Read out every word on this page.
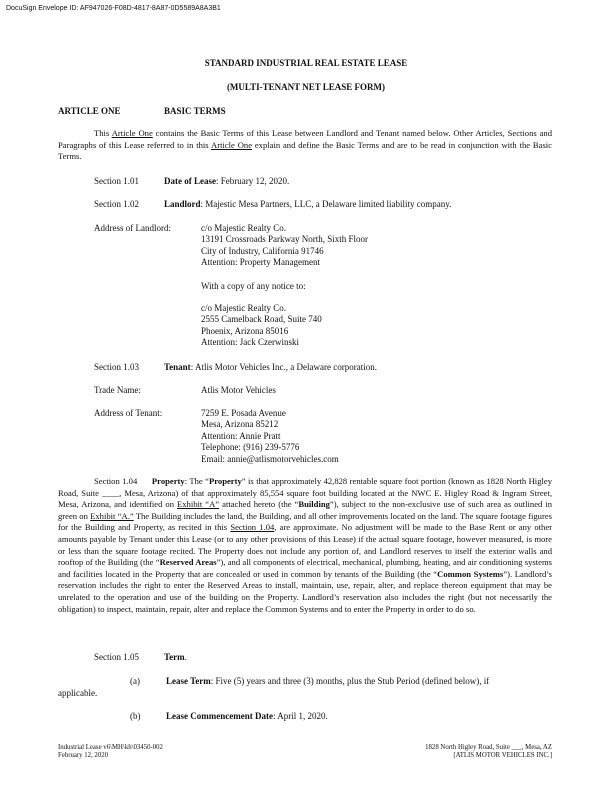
DocuSign Envelope ID: AF947026-F08D-4817-8A87-0D5589A8A3B1
STANDARD INDUSTRIAL REAL ESTATE LEASE
(MULTI-TENANT NET LEASE FORM)
ARTICLE ONE	BASIC TERMS
This Article One contains the Basic Terms of this Lease between Landlord and Tenant named below. Other Articles, Sections and Paragraphs of this Lease referred to in this Article One explain and define the Basic Terms and are to be read in conjunction with the Basic Terms.
Section 1.01	Date of Lease: February 12, 2020.
Section 1.02	Landlord: Majestic Mesa Partners, LLC, a Delaware limited liability company.
Address of Landlord:	c/o Majestic Realty Co.
13191 Crossroads Parkway North, Sixth Floor
City of Industry, California 91746
Attention: Property Management
With a copy of any notice to:
c/o Majestic Realty Co.
2555 Camelback Road, Suite 740
Phoenix, Arizona 85016
Attention: Jack Czerwinski
Section 1.03	Tenant: Atlis Motor Vehicles Inc., a Delaware corporation.
Trade Name:	Atlis Motor Vehicles
Address of Tenant:	7259 E. Posada Avenue
Mesa, Arizona 85212
Attention: Annie Pratt
Telephone: (916) 239-5776
Email: annie@atlismotorvehicles.com
Section 1.04 Property: The “Property” is that approximately 42,828 rentable square foot portion (known as 1828 North Higley Road, Suite ____, Mesa, Arizona) of that approximately 85,554 square foot building located at the NWC E. Higley Road & Ingram Street, Mesa, Arizona, and identified on Exhibit “A” attached hereto (the “Building”), subject to the non-exclusive use of such area as outlined in green on Exhibit “A.” The Building includes the land, the Building, and all other improvements located on the land. The square footage figures for the Building and Property, as recited in this Section 1.04, are approximate. No adjustment will be made to the Base Rent or any other amounts payable by Tenant under this Lease (or to any other provisions of this Lease) if the actual square footage, however measured, is more or less than the square footage recited. The Property does not include any portion of, and Landlord reserves to itself the exterior walls and rooftop of the Building (the “Reserved Areas”), and all components of electrical, mechanical, plumbing, heating, and air conditioning systems and facilities located in the Property that are concealed or used in common by tenants of the Building (the “Common Systems”). Landlord’s reservation includes the right to enter the Reserved Areas to install, maintain, use, repair, alter, and replace thereon equipment that may be unrelated to the operation and use of the building on the Property. Landlord’s reservation also includes the right (but not necessarily the obligation) to inspect, maintain, repair, alter and replace the Common Systems and to enter the Property in order to do so.
Section 1.05	Term.
(a)	Lease Term: Five (5) years and three (3) months, plus the Stub Period (defined below), if
applicable.
(b)	Lease Commencement Date: April 1, 2020.
Industrial Lease v6\MH\kh\03450-002
February 12, 2020
1828 North Higley Road, Suite ___, Mesa, AZ
[ATLIS MOTOR VEHICLES INC.]
